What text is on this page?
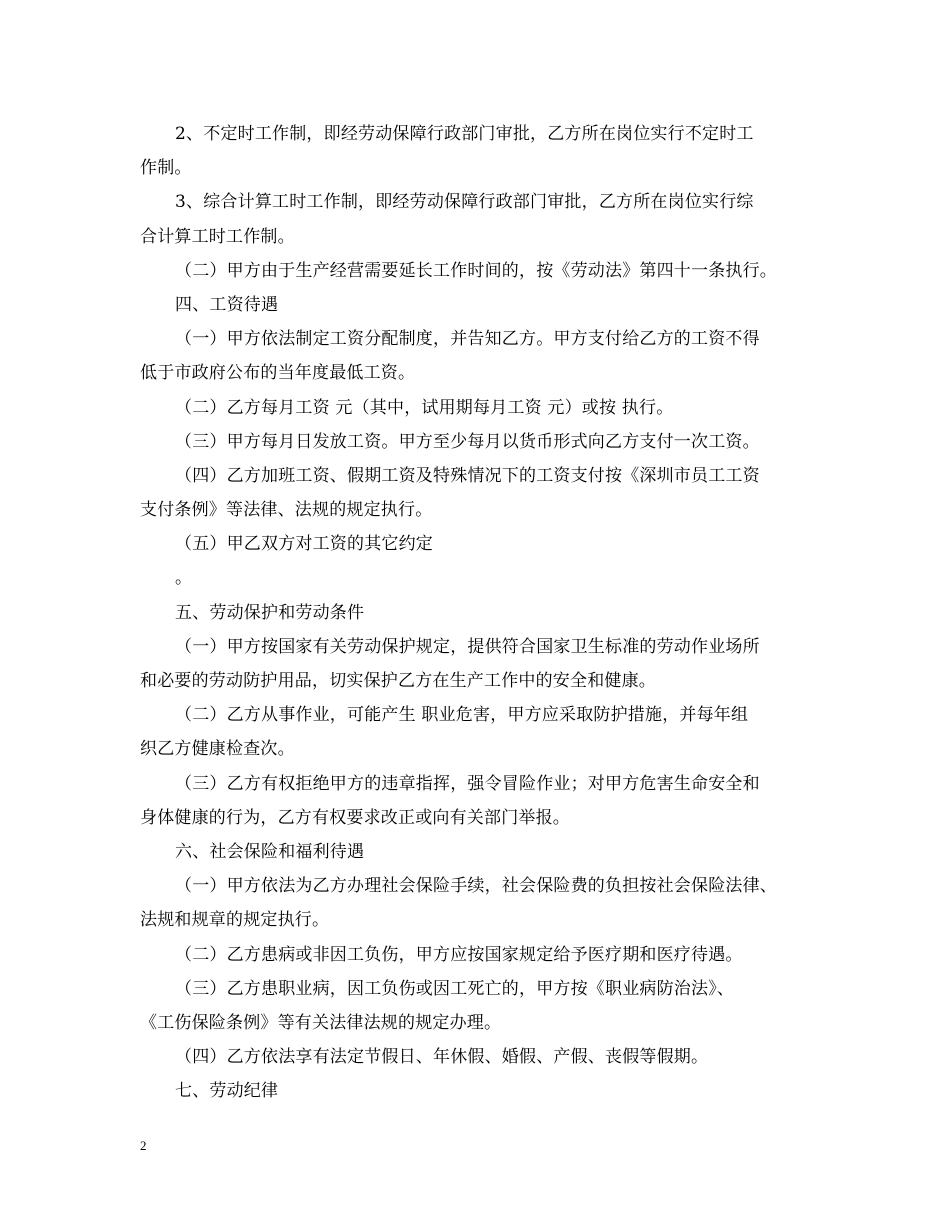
2、不定时工作制，即经劳动保障行政部门审批，乙方所在岗位实行不定时工
作制。
3、综合计算工时工作制，即经劳动保障行政部门审批，乙方所在岗位实行综
合计算工时工作制。
（二）甲方由于生产经营需要延长工作时间的，按《劳动法》第四十一条执行。
四、工资待遇
（一）甲方依法制定工资分配制度，并告知乙方。甲方支付给乙方的工资不得
低于市政府公布的当年度最低工资。
（二）乙方每月工资 元（其中，试用期每月工资 元）或按 执行。
（三）甲方每月日发放工资。甲方至少每月以货币形式向乙方支付一次工资。
（四）乙方加班工资、假期工资及特殊情况下的工资支付按《深圳市员工工资
支付条例》等法律、法规的规定执行。
（五）甲乙双方对工资的其它约定
。
五、劳动保护和劳动条件
（一）甲方按国家有关劳动保护规定，提供符合国家卫生标准的劳动作业场所
和必要的劳动防护用品，切实保护乙方在生产工作中的安全和健康。
（二）乙方从事作业，可能产生 职业危害，甲方应采取防护措施，并每年组
织乙方健康检查次。
（三）乙方有权拒绝甲方的违章指挥，强令冒险作业；对甲方危害生命安全和
身体健康的行为，乙方有权要求改正或向有关部门举报。
六、社会保险和福利待遇
（一）甲方依法为乙方办理社会保险手续，社会保险费的负担按社会保险法律、
法规和规章的规定执行。
（二）乙方患病或非因工负伤，甲方应按国家规定给予医疗期和医疗待遇。
（三）乙方患职业病，因工负伤或因工死亡的，甲方按《职业病防治法》、
《工伤保险条例》等有关法律法规的规定办理。
（四）乙方依法享有法定节假日、年休假、婚假、产假、丧假等假期。
七、劳动纪律
2
